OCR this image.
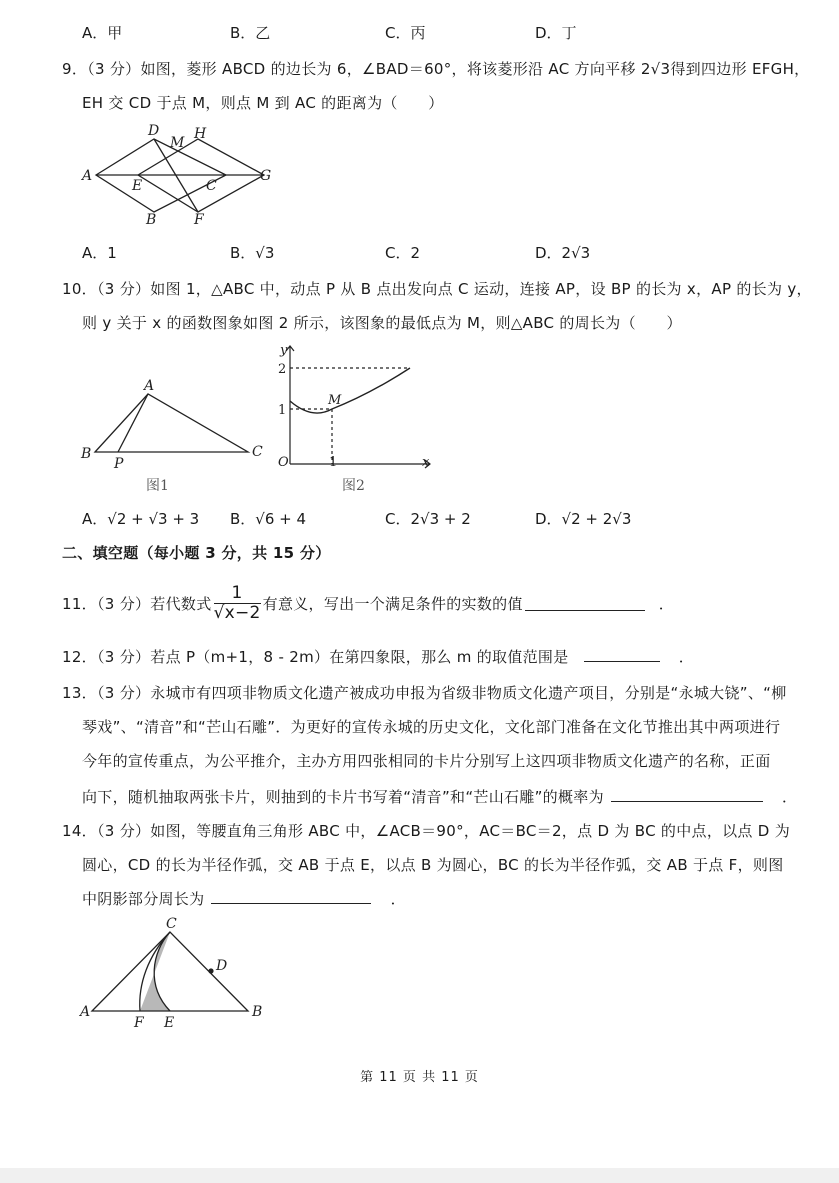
A．甲	B．乙	C．丙	D．丁
9．（3 分）如图，菱形 ABCD 的边长为 6，∠BAD＝60°，将该菱形沿 AC 方向平移 2√3得到四边形 EFGH，
EH 交 CD 于点 M，则点 M 到 AC 的距离为（　　）
D
M
H
A
E	C
G
B	F
A．1	B．√3	C．2	D．2√3
10．（3 分）如图 1，△ABC 中，动点 P 从 B 点出发向点 C 运动，连接 AP，设 BP 的长为 x，AP 的长为 y，
则 y 关于 x 的函数图象如图 2 所示，该图象的最低点为 M，则△ABC 的周长为（　　）
A
B
P
C
图1
y
2
1
M
O	1	x
图2
A．√2 + √3 + 3 B．√6 + 4	C．2√3 + 2	D．√2 + 2√3
二、填空题（每小题 3 分，共 15 分）
11．（3 分）若代数式 $\frac{1}{√x-2}$ 有意义，写出一个满足条件的实数的值	．
12．（3 分）若点 P（m+1，8 - 2m）在第四象限，那么 m 的取值范围是	．
13．（3 分）永城市有四项非物质文化遗产被成功申报为省级非物质文化遗产项目，分别是“永城大铙”、“柳
琴戏”、“清音”和“芒山石雕”．为更好的宣传永城的历史文化，文化部门准备在文化节推出其中两项进行
今年的宣传重点，为公平推介，主办方用四张相同的卡片分别写上这四项非物质文化遗产的名称，正面
向下，随机抽取两张卡片，则抽到的卡片书写着“清音”和“芒山石雕”的概率为	．
14．（3 分）如图，等腰直角三角形 ABC 中，∠ACB＝90°，AC＝BC＝2，点 D 为 BC 的中点，以点 D 为
圆心，CD 的长为半径作弧，交 AB 于点 E，以点 B 为圆心，BC 的长为半径作弧，交 AB 于点 F，则图
中阴影部分周长为	．
C
D
A
F E
B
第 11 页 共 11 页
